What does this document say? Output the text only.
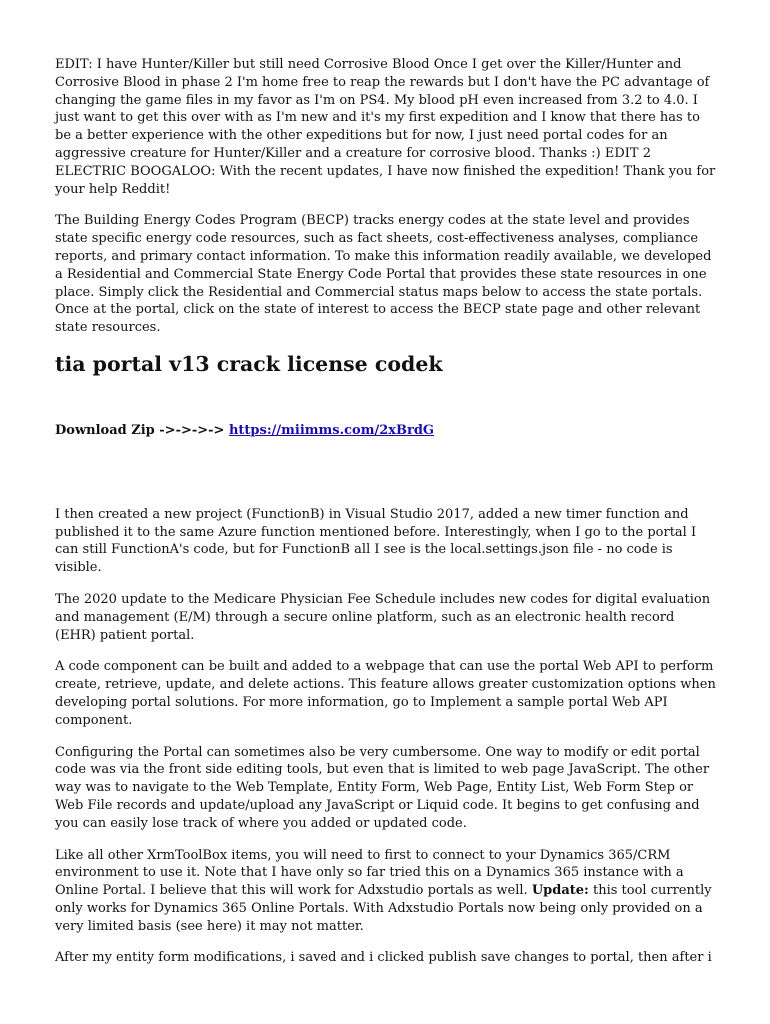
EDIT: I have Hunter/Killer but still need Corrosive Blood Once I get over the Killer/Hunter and Corrosive Blood in phase 2 I'm home free to reap the rewards but I don't have the PC advantage of changing the game files in my favor as I'm on PS4. My blood pH even increased from 3.2 to 4.0. I just want to get this over with as I'm new and it's my first expedition and I know that there has to be a better experience with the other expeditions but for now, I just need portal codes for an aggressive creature for Hunter/Killer and a creature for corrosive blood. Thanks :) EDIT 2 ELECTRIC BOOGALOO: With the recent updates, I have now finished the expedition! Thank you for your help Reddit!

The Building Energy Codes Program (BECP) tracks energy codes at the state level and provides state specific energy code resources, such as fact sheets, cost-effectiveness analyses, compliance reports, and primary contact information. To make this information readily available, we developed a Residential and Commercial State Energy Code Portal that provides these state resources in one place. Simply click the Residential and Commercial status maps below to access the state portals. Once at the portal, click on the state of interest to access the BECP state page and other relevant state resources.

tia portal v13 crack license codek

Download Zip ->->->-> https://miimms.com/2xBrdG

I then created a new project (FunctionB) in Visual Studio 2017, added a new timer function and published it to the same Azure function mentioned before. Interestingly, when I go to the portal I can still FunctionA's code, but for FunctionB all I see is the local.settings.json file - no code is visible.

The 2020 update to the Medicare Physician Fee Schedule includes new codes for digital evaluation and management (E/M) through a secure online platform, such as an electronic health record (EHR) patient portal.

A code component can be built and added to a webpage that can use the portal Web API to perform create, retrieve, update, and delete actions. This feature allows greater customization options when developing portal solutions. For more information, go to Implement a sample portal Web API component.

Configuring the Portal can sometimes also be very cumbersome. One way to modify or edit portal code was via the front side editing tools, but even that is limited to web page JavaScript. The other way was to navigate to the Web Template, Entity Form, Web Page, Entity List, Web Form Step or Web File records and update/upload any JavaScript or Liquid code. It begins to get confusing and you can easily lose track of where you added or updated code.

Like all other XrmToolBox items, you will need to first to connect to your Dynamics 365/CRM environment to use it. Note that I have only so far tried this on a Dynamics 365 instance with a Online Portal. I believe that this will work for Adxstudio portals as well. Update: this tool currently only works for Dynamics 365 Online Portals. With Adxstudio Portals now being only provided on a very limited basis (see here) it may not matter.

After my entity form modifications, i saved and i clicked publish save changes to portal, then after i
